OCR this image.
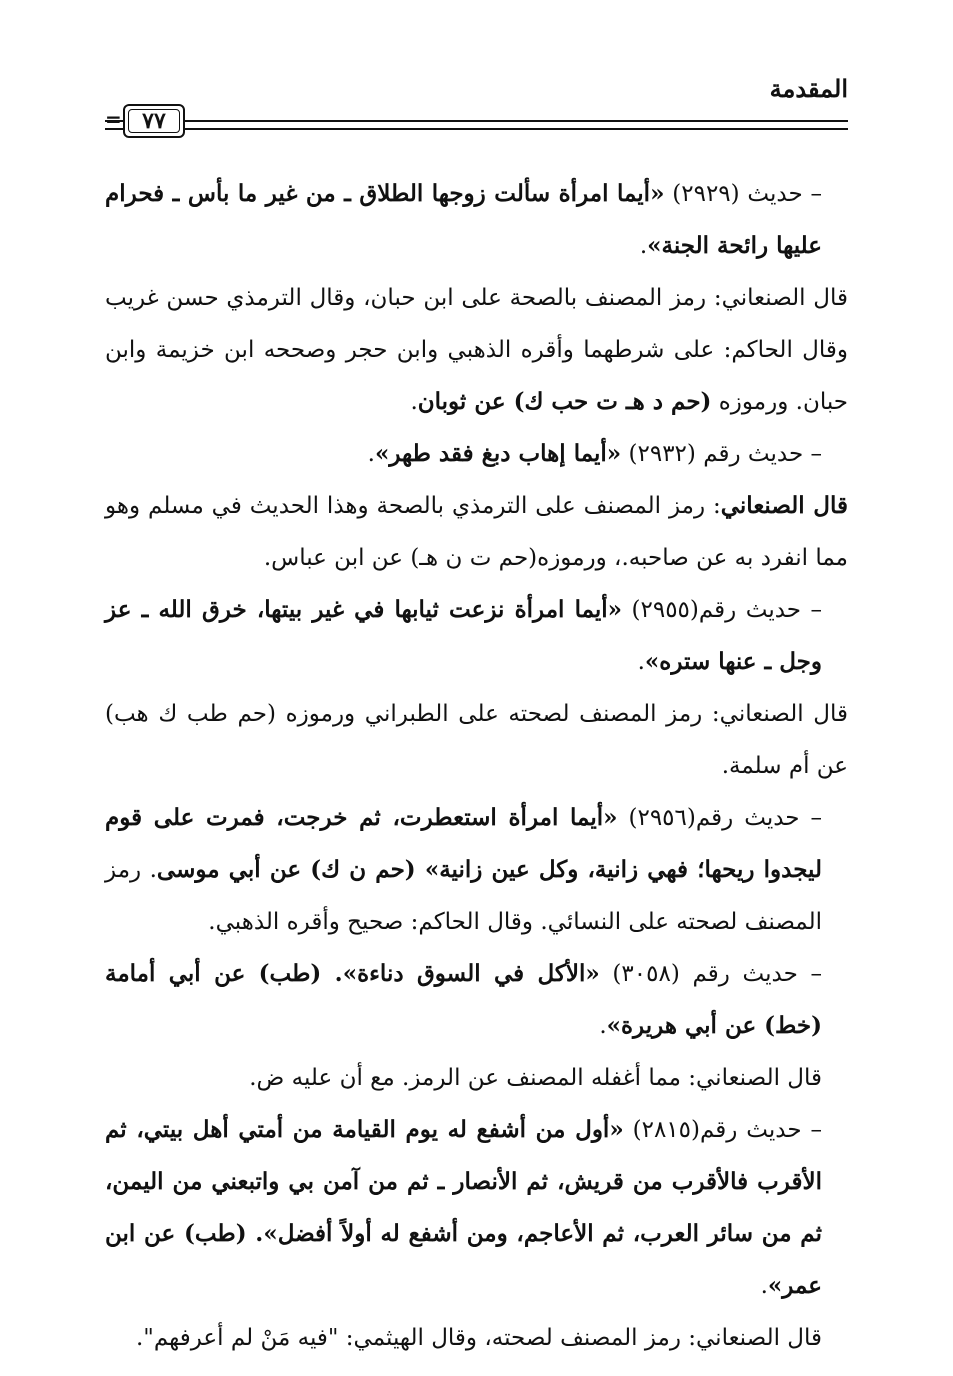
المقدمة
= ٧٧

– حديث (٢٩٢٩) «أيما امرأة سألت زوجها الطلاق ـ من غير ما بأس ـ فحرام عليها رائحة الجنة».

قال الصنعاني: رمز المصنف بالصحة على ابن حبان، وقال الترمذي حسن غريب وقال الحاكم: على شرطهما وأقره الذهبي وابن حجر وصححه ابن خزيمة وابن حبان. ورموزه (حم د هـ ت حب ك) عن ثوبان.

– حديث رقم (٢٩٣٢) «أيما إهاب دبغ فقد طهر».

قال الصنعاني: رمز المصنف على الترمذي بالصحة وهذا الحديث في مسلم وهو مما انفرد به عن صاحبه.، ورموزه(حم ت ن هـ) عن ابن عباس.

– حديث رقم(٢٩٥٥) «أيما امرأة نزعت ثيابها في غير بيتها، خرق الله ـ عز وجل ـ عنها ستره».

قال الصنعاني: رمز المصنف لصحته على الطبراني ورموزه (حم طب ك هب) عن أم سلمة.

– حديث رقم(٢٩٥٦) «أيما امرأة استعطرت، ثم خرجت، فمرت على قوم ليجدوا ريحها؛ فهي زانية، وكل عين زانية» (حم ن ك) عن أبي موسى. رمز المصنف لصحته على النسائي. وقال الحاكم: صحيح وأقره الذهبي.

– حديث رقم (٣٠٥٨) «الأكل في السوق دناءة». (طب) عن أبي أمامة (خط) عن أبي هريرة».

قال الصنعاني: مما أغفله المصنف عن الرمز. مع أن عليه ض.

– حديث رقم(٢٨١٥) «أول من أشفع له يوم القيامة من أمتي أهل بيتي، ثم الأقرب فالأقرب من قريش، ثم الأنصار ـ ثم من آمن بي واتبعني من اليمن، ثم من سائر العرب، ثم الأعاجم، ومن أشفع له أولاً أفضل». (طب) عن ابن عمر».

قال الصنعاني: رمز المصنف لصحته، وقال الهيثمي: "فيه مَنْ لم أعرفهم".
